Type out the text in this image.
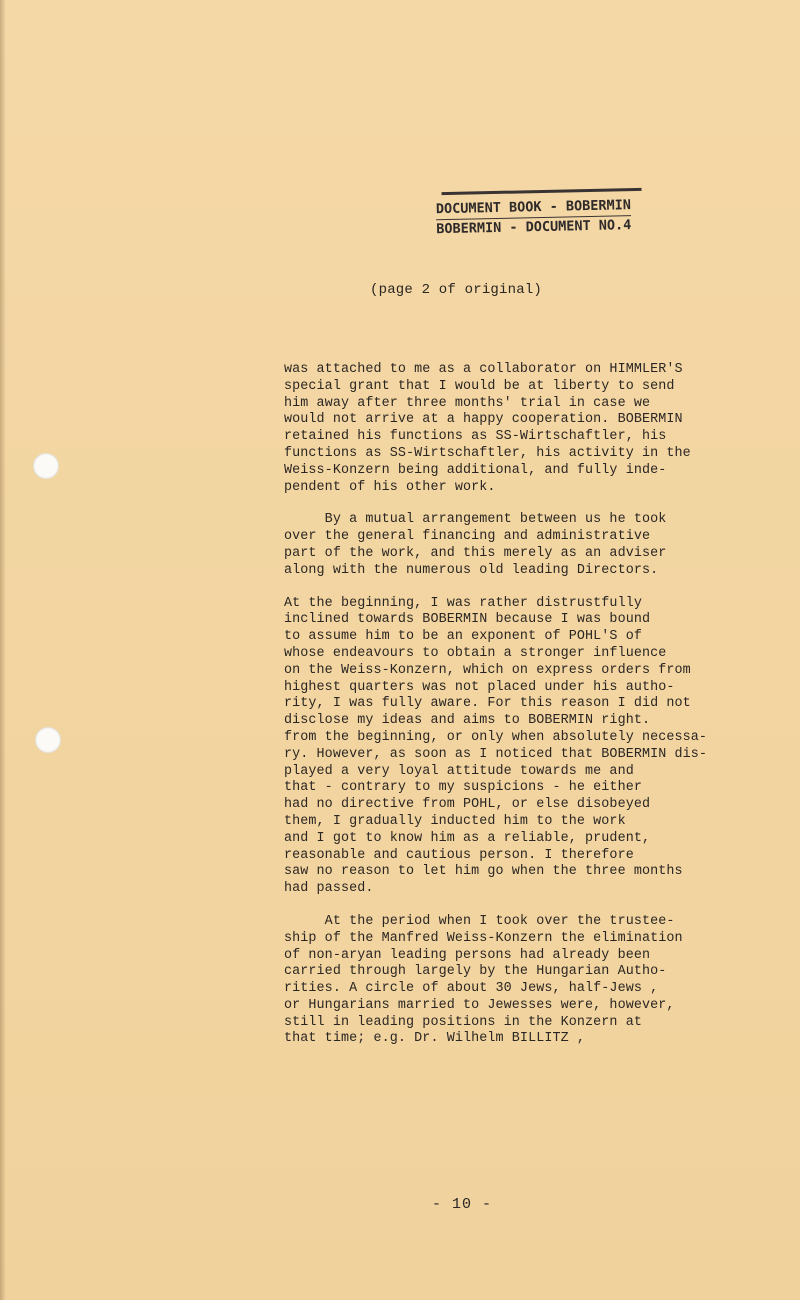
DOCUMENT BOOK - BOBERMIN
BOBERMIN - DOCUMENT NO.4
(page 2 of original)
was attached to me as a collaborator on HIMMLER'S
special grant that I would be at liberty to send
him away after three months' trial in case we
would not arrive at a happy cooperation. BOBERMIN
retained his functions as SS-Wirtschaftler, his
functions as SS-Wirtschaftler, his activity in the
Weiss-Konzern being additional, and fully inde-
pendent of his other work.
By a mutual arrangement between us he took
over the general financing and administrative
part of the work, and this merely as an adviser
along with the numerous old leading Directors.
At the beginning, I was rather distrustfully
inclined towards BOBERMIN because I was bound
to assume him to be an exponent of POHL'S of
whose endeavours to obtain a stronger influence
on the Weiss-Konzern, which on express orders from
highest quarters was not placed under his autho-
rity, I was fully aware. For this reason I did not
disclose my ideas and aims to BOBERMIN right.
from the beginning, or only when absolutely necessa-
ry. However, as soon as I noticed that BOBERMIN dis-
played a very loyal attitude towards me and
that - contrary to my suspicions - he either
had no directive from POHL, or else disobeyed
them, I gradually inducted him to the work
and I got to know him as a reliable, prudent,
reasonable and cautious person. I therefore
saw no reason to let him go when the three months
had passed.
At the period when I took over the trustee-
ship of the Manfred Weiss-Konzern the elimination
of non-aryan leading persons had already been
carried through largely by the Hungarian Autho-
rities. A circle of about 30 Jews, half-Jews ,
or Hungarians married to Jewesses were, however,
still in leading positions in the Konzern at
that time; e.g. Dr. Wilhelm BILLITZ ,
- 10 -
